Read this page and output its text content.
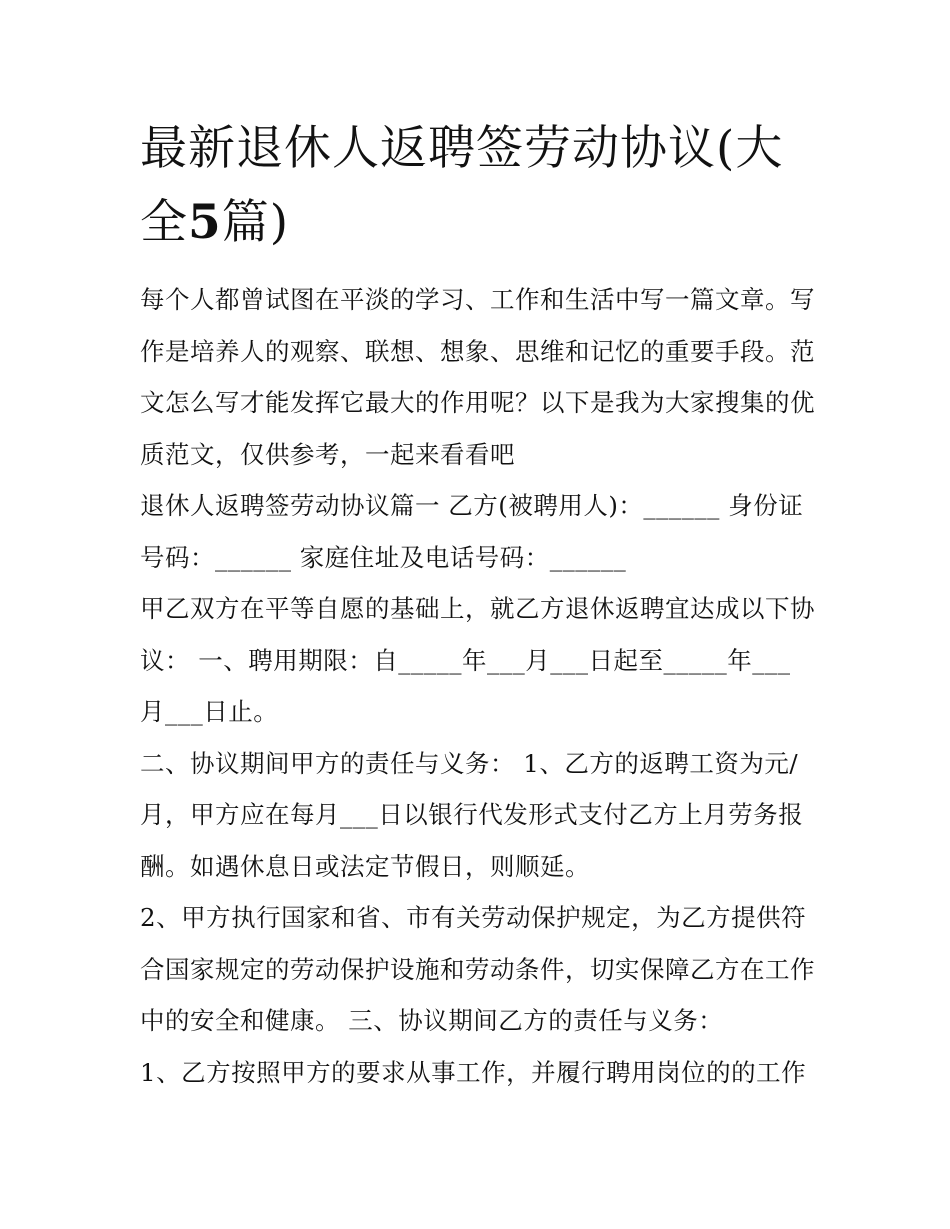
最新退休人返聘签劳动协议(大
全5篇)

每个人都曾试图在平淡的学习、工作和生活中写一篇文章。写作是培养人的观察、联想、想象、思维和记忆的重要手段。范文怎么写才能发挥它最大的作用呢？以下是我为大家搜集的优质范文，仅供参考，一起来看看吧

退休人返聘签劳动协议篇一 乙方(被聘用人)：______ 身份证号码：______ 家庭住址及电话号码：______

甲乙双方在平等自愿的基础上，就乙方退休返聘宜达成以下协议： 一、聘用期限：自_____年___月___日起至_____年___月___日止。

二、协议期间甲方的责任与义务： 1、乙方的返聘工资为元/月，甲方应在每月___日以银行代发形式支付乙方上月劳务报酬。如遇休息日或法定节假日，则顺延。

2、甲方执行国家和省、市有关劳动保护规定，为乙方提供符合国家规定的劳动保护设施和劳动条件，切实保障乙方在工作中的安全和健康。 三、协议期间乙方的责任与义务：

1、乙方按照甲方的要求从事工作，并履行聘用岗位的的工作
